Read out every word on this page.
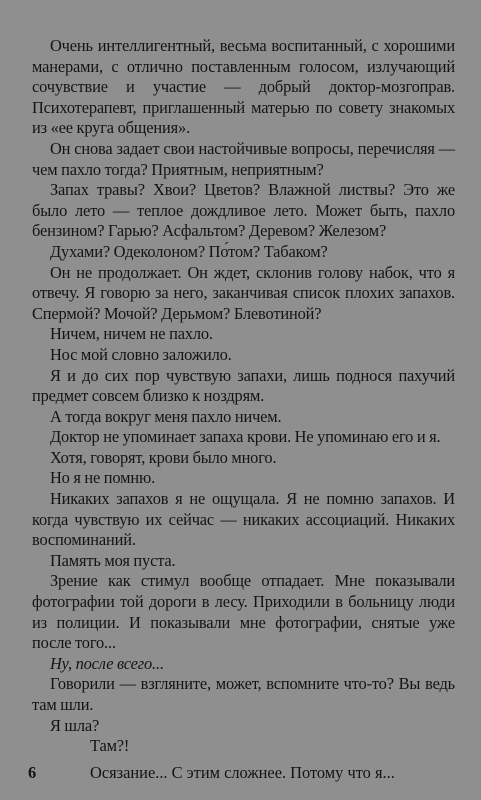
Очень интеллигентный, весьма воспитанный, с хорошими манерами, с отлично поставленным голосом, излучающий сочувствие и участие — добрый доктор-мозгоправ. Психотерапевт, приглашенный матерью по совету знакомых из «ее круга общения».

Он снова задает свои настойчивые вопросы, перечисляя — чем пахло тогда? Приятным, неприятным?

Запах травы? Хвои? Цветов? Влажной листвы? Это же было лето — теплое дождливое лето. Может быть, пахло бензином? Гарью? Асфальтом? Деревом? Железом?

Духами? Одеколоном? По́том? Табаком?

Он не продолжает. Он ждет, склонив голову набок, что я отвечу. Я говорю за него, заканчивая список плохих запахов. Спермой? Мочой? Дерьмом? Блевотиной?

Ничем, ничем не пахло.

Нос мой словно заложило.

Я и до сих пор чувствую запахи, лишь поднося пахучий предмет совсем близко к ноздрям.

А тогда вокруг меня пахло ничем.

Доктор не упоминает запаха крови. Не упоминаю его и я.

Хотя, говорят, крови было много.

Но я не помню.

Никаких запахов я не ощущала. Я не помню запахов. И когда чувствую их сейчас — никаких ассоциаций. Никаких воспоминаний.

Память моя пуста.

Зрение как стимул вообще отпадает. Мне показывали фотографии той дороги в лесу. Приходили в больницу люди из полиции. И показывали мне фотографии, снятые уже после того...

Ну, после всего...

Говорили — взгляните, может, вспомните что-то? Вы ведь там шли.

Я шла?

Там?!

6	Осязание... С этим сложнее. Потому что я...
